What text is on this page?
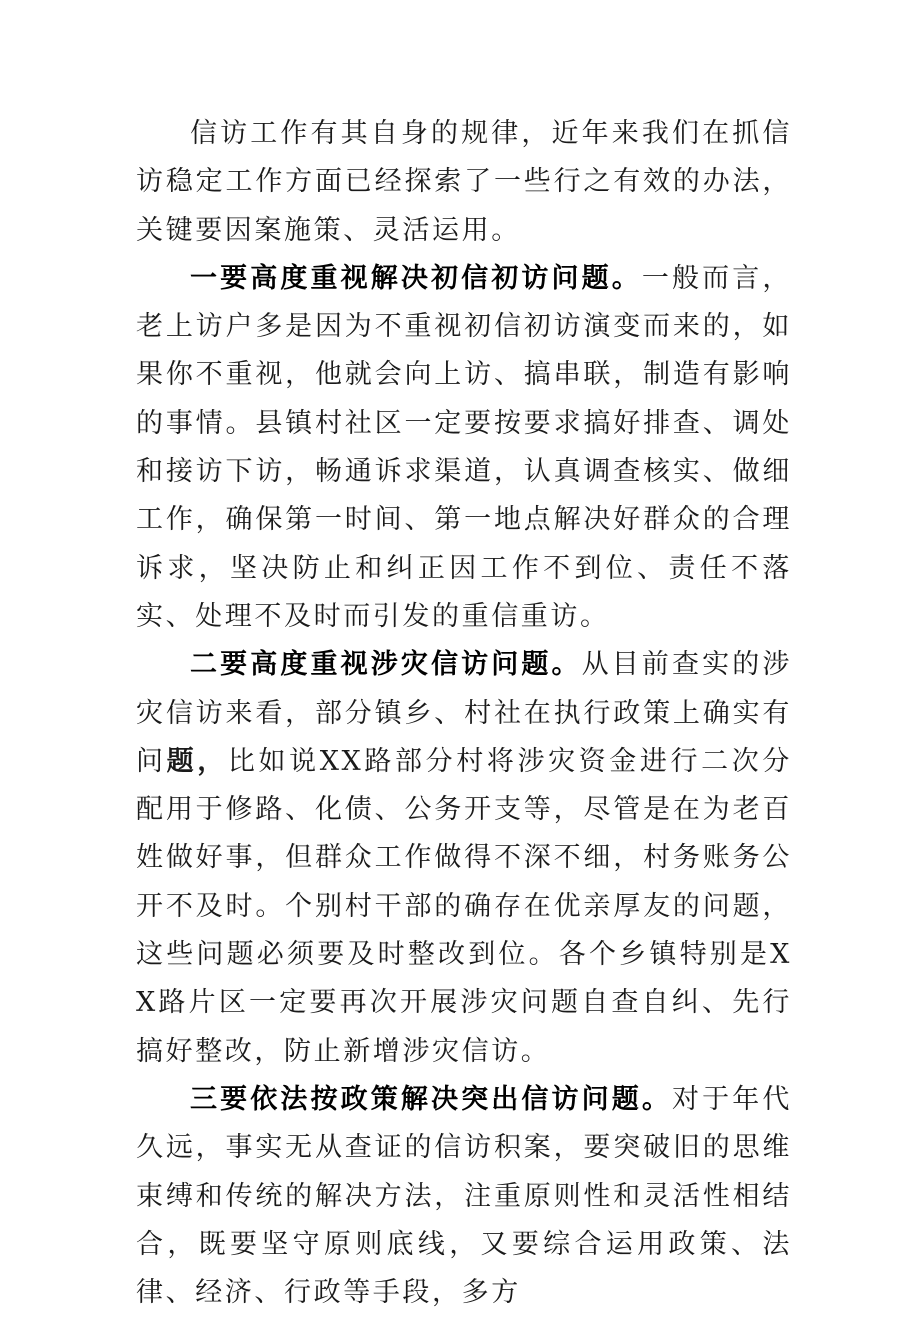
信访工作有其自身的规律，近年来我们在抓信访稳定工作方面已经探索了一些行之有效的办法，关键要因案施策、灵活运用。

一要高度重视解决初信初访问题。一般而言，老上访户多是因为不重视初信初访演变而来的，如果你不重视，他就会向上访、搞串联，制造有影响的事情。县镇村社区一定要按要求搞好排查、调处和接访下访，畅通诉求渠道，认真调查核实、做细工作，确保第一时间、第一地点解决好群众的合理诉求，坚决防止和纠正因工作不到位、责任不落实、处理不及时而引发的重信重访。

二要高度重视涉灾信访问题。从目前查实的涉灾信访来看，部分镇乡、村社在执行政策上确实有问题，比如说XX路部分村将涉灾资金进行二次分配用于修路、化债、公务开支等，尽管是在为老百姓做好事，但群众工作做得不深不细，村务账务公开不及时。个别村干部的确存在优亲厚友的问题，这些问题必须要及时整改到位。各个乡镇特别是XX路片区一定要再次开展涉灾问题自查自纠、先行搞好整改，防止新增涉灾信访。

三要依法按政策解决突出信访问题。对于年代久远，事实无从查证的信访积案，要突破旧的思维束缚和传统的解决方法，注重原则性和灵活性相结合，既要坚守原则底线，又要综合运用政策、法律、经济、行政等手段，多方
